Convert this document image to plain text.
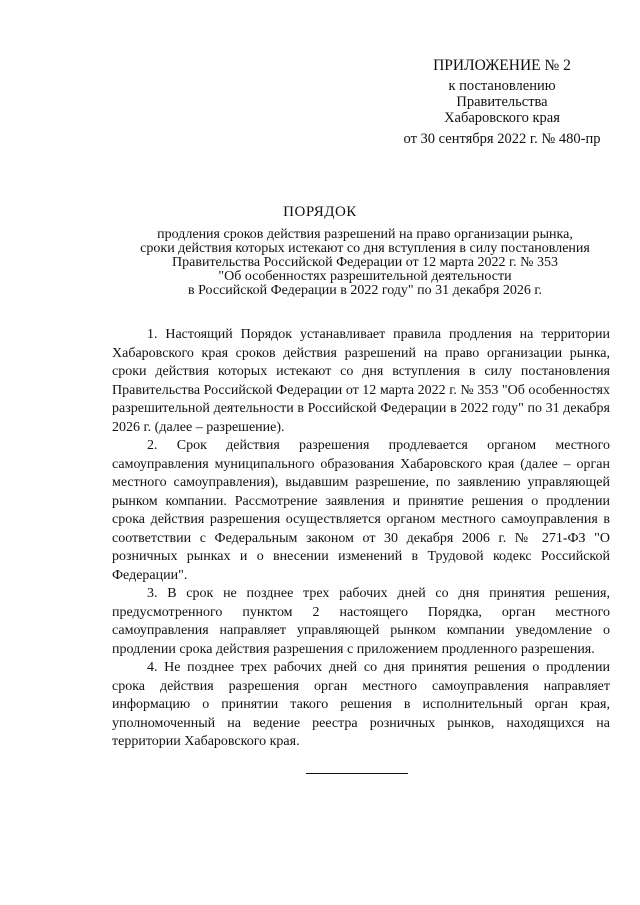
ПРИЛОЖЕНИЕ № 2
к постановлению
Правительства
Хабаровского края
от 30 сентября 2022 г. № 480-пр
ПОРЯДОК
продления сроков действия разрешений на право организации рынка,
сроки действия которых истекают со дня вступления в силу постановления
Правительства Российской Федерации от 12 марта 2022 г. № 353
"Об особенностях разрешительной деятельности
в Российской Федерации в 2022 году" по 31 декабря 2026 г.

1. Настоящий Порядок устанавливает правила продления на территории Хабаровского края сроков действия разрешений на право организации рынка, сроки действия которых истекают со дня вступления в силу постановления Правительства Российской Федерации от 12 марта 2022 г. № 353 "Об особенностях разрешительной деятельности в Российской Федерации в 2022 году" по 31 декабря 2026 г. (далее – разрешение).

2. Срок действия разрешения продлевается органом местного самоуправления муниципального образования Хабаровского края (далее – орган местного самоуправления), выдавшим разрешение, по заявлению управляющей рынком компании. Рассмотрение заявления и принятие решения о продлении срока действия разрешения осуществляется органом местного самоуправления в соответствии с Федеральным законом от 30 декабря 2006 г. № 271-ФЗ "О розничных рынках и о внесении изменений в Трудовой кодекс Российской Федерации".

3. В срок не позднее трех рабочих дней со дня принятия решения, предусмотренного пунктом 2 настоящего Порядка, орган местного самоуправления направляет управляющей рынком компании уведомление о продлении срока действия разрешения с приложением продленного разрешения.

4. Не позднее трех рабочих дней со дня принятия решения о продлении срока действия разрешения орган местного самоуправления направляет информацию о принятии такого решения в исполнительный орган края, уполномоченный на ведение реестра розничных рынков, находящихся на территории Хабаровского края.
